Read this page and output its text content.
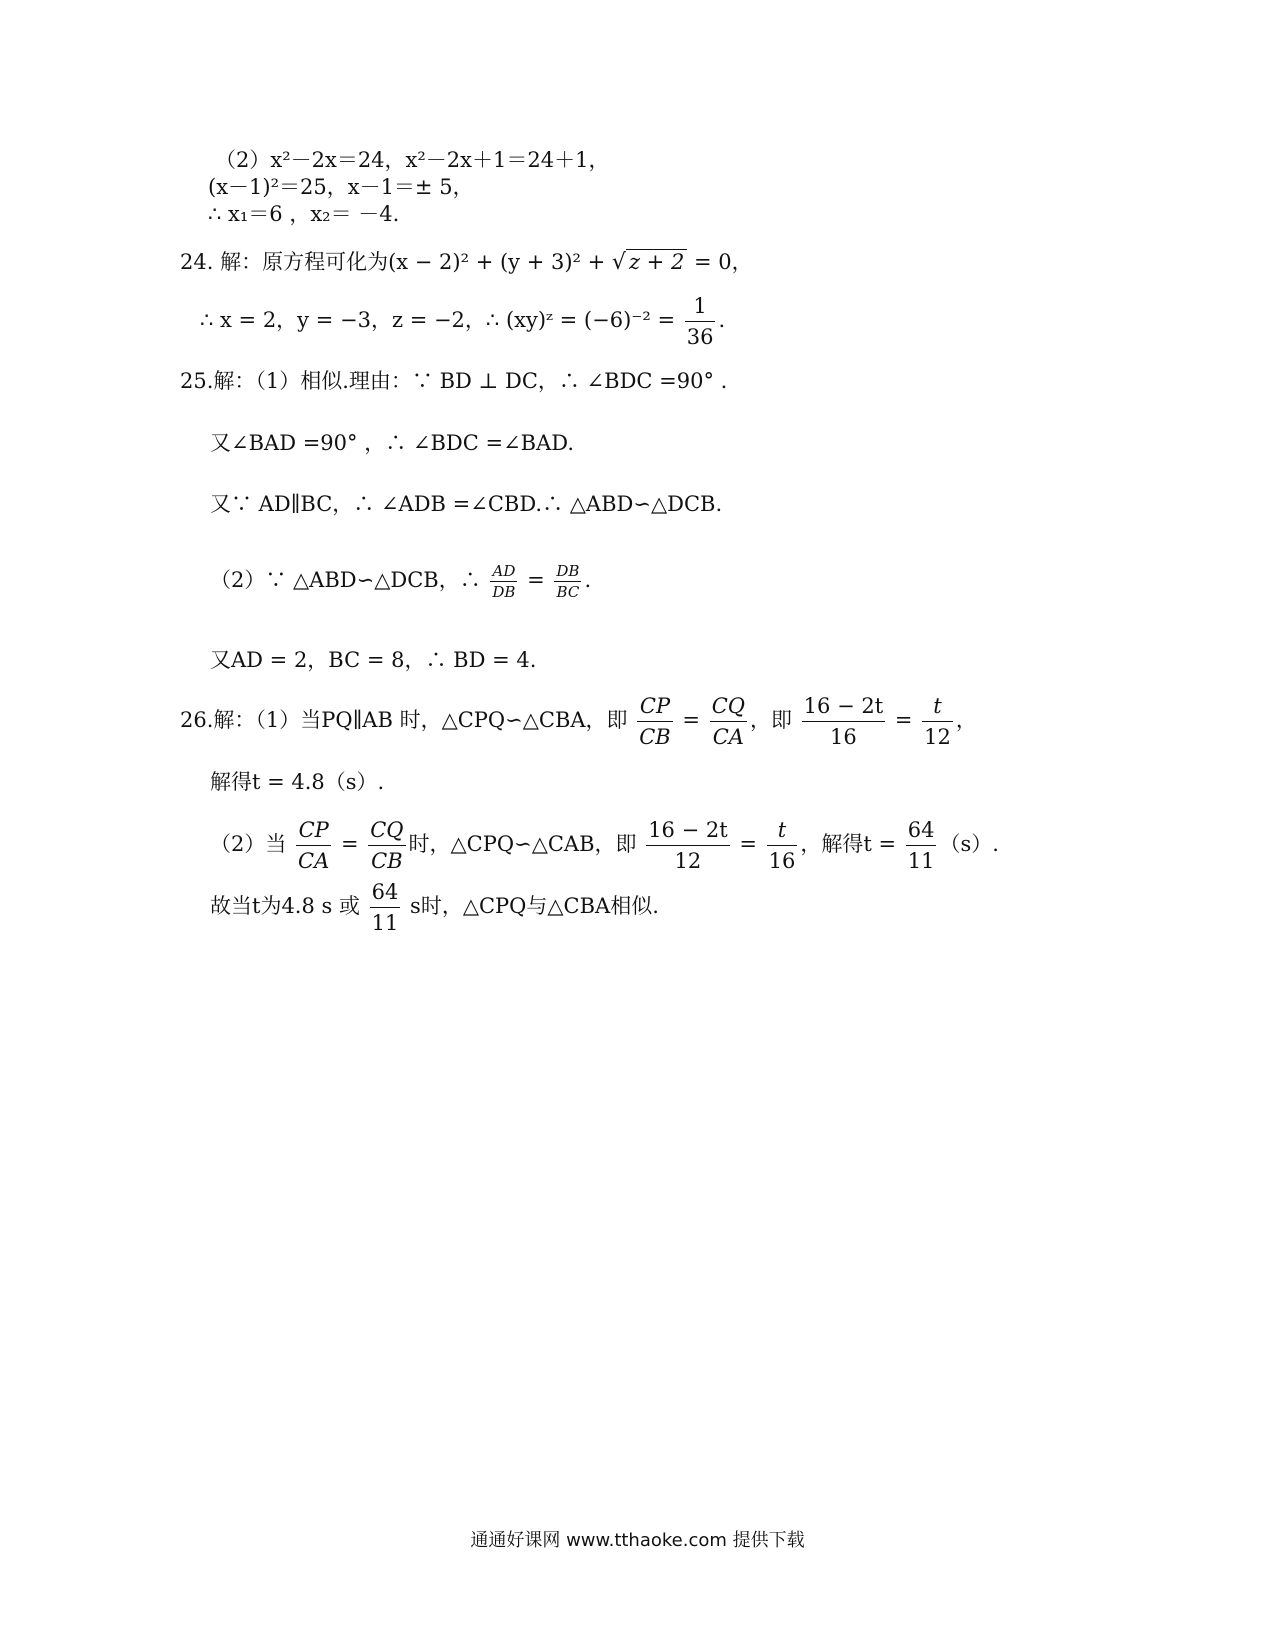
（2）x²－2x＝24，x²－2x＋1＝24＋1，
(x－1)²＝25，x－1＝± 5，
∴ x₁＝6 ，x₂＝ －4.
24. 解：原方程可化为(x − 2)² + (y + 3)² + √ z + 2 = 0，
∴ x = 2，y = −3，z = −2，∴ (xy)ᶻ = $(-6)^{-2} = \frac{1}{36}$ .
25.解：（1）相似.理由：∵ BD ⊥ DC，∴ ∠BDC =90° .
又∠BAD =90° ，∴ ∠BDC =∠BAD.
又∵ AD∥BC，∴ ∠ADB =∠CBD.∴ △ABD∽△DCB.
（2）∵ △ABD∽△DCB，∴ $\frac{AD}{DB} = \frac{DB}{BC}$ .
又AD = 2，BC = 8，∴ BD = 4.
26.解：（1）当PQ∥AB 时，△CPQ∽△CBA，即 $\frac{CP}{CB} = \frac{CQ}{CA}$ ，即 $\frac{16 - 2t}{16} = \frac{t}{12}$ ，
解得t = 4.8（s）.
（2）当 $\frac{CP}{CA} = \frac{CQ}{CB}$ 时，△CPQ∽△CAB，即 $\frac{16 - 2t}{12} = \frac{t}{16}$ ，解得$t = \frac{64}{11} (s)$.
故当t为4.8 s 或 $\frac{64}{11}$ s时，△CPQ与△CBA相似.
通通好课网 www.tthaoke.com 提供下载
